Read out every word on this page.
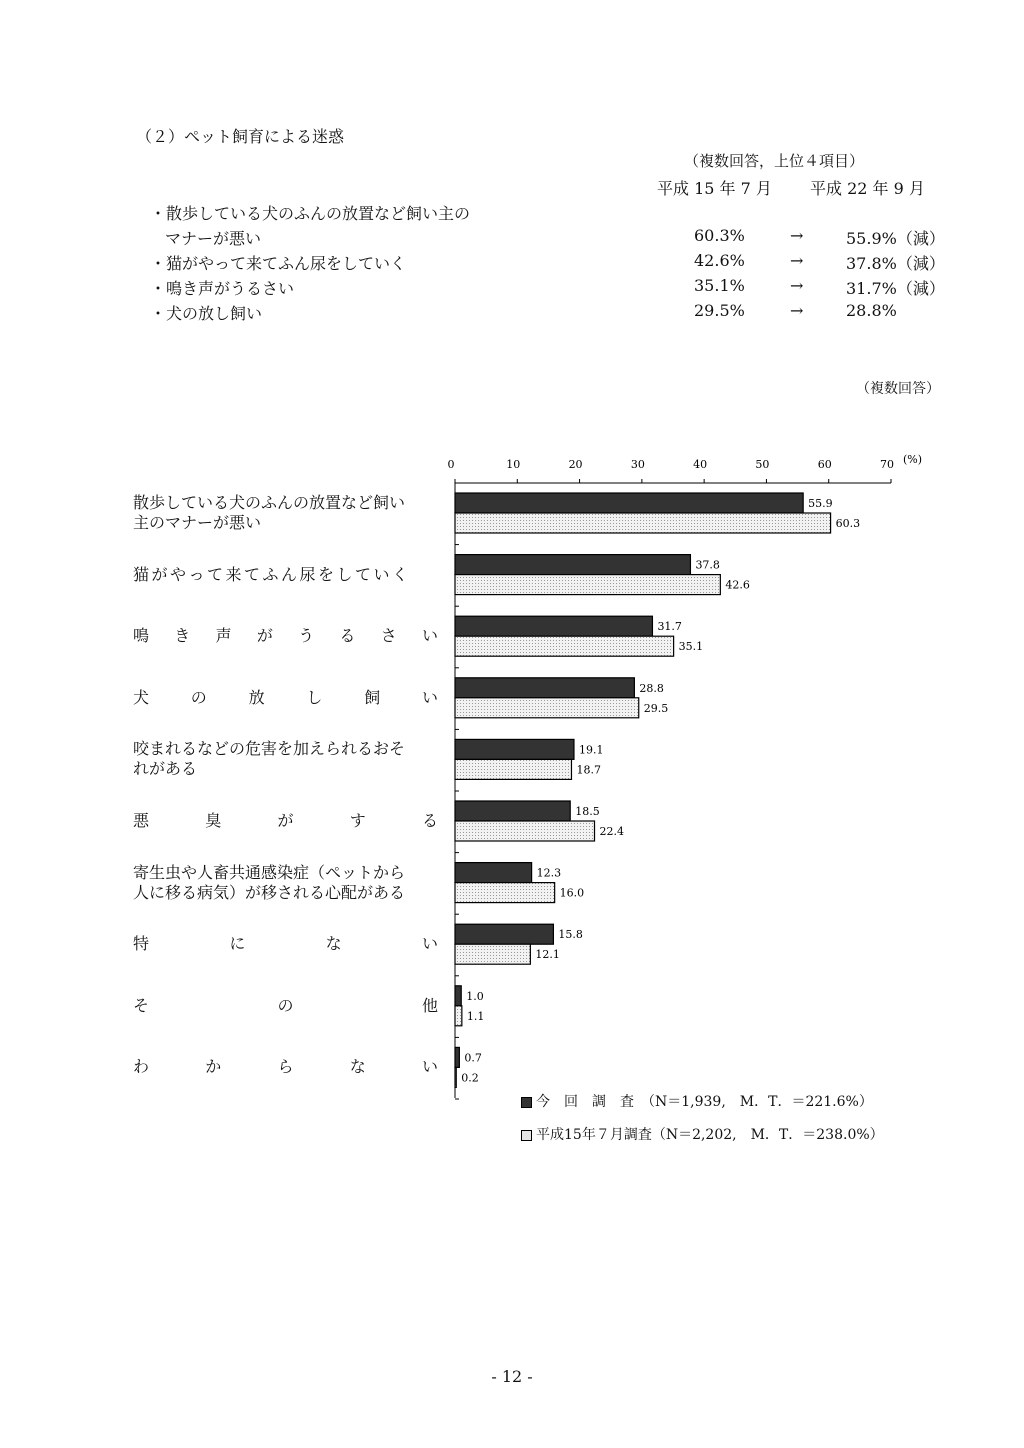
（２）ペット飼育による迷惑
（複数回答，上位４項目）
平成 15 年 7 月 平成 22 年 9 月
・散歩している犬のふんの放置など飼い主の
マナーが悪い	60.3%	→	55.9%（減）
・猫がやって来てふん尿をしていく	42.6%	→	37.8%（減）
・鳴き声がうるさい	35.1%	→	31.7%（減）
・犬の放し飼い	29.5%	→	28.8%
（複数回答）
0	10	20	30	40	50	60	70 (%)
55.9
60.3
37.8
42.6
31.7
35.1
28.8
29.5
19.1
18.7
18.5
22.4
12.3
16.0
15.8
12.1
1.0
1.1
0.7
0.2
散歩している犬のふんの放置など飼い
主のマナーが悪い
猫がやって来てふん尿をしていく
鳴 き 声 が う る さ い
犬	の	放	し	飼	い
咬まれるなどの危害を加えられるおそ
れがある
悪	臭	が	す	る
寄生虫や人畜共通感染症（ペットから
人に移る病気）が移される心配がある
特	に	な	い
そ	の	他
わ	か	ら	な	い
今　回　調　査　（N＝1,939,　M．T．＝221.6%）
平成15年７月調査（N＝2,202,　M．T．＝238.0%）
- 12 -
